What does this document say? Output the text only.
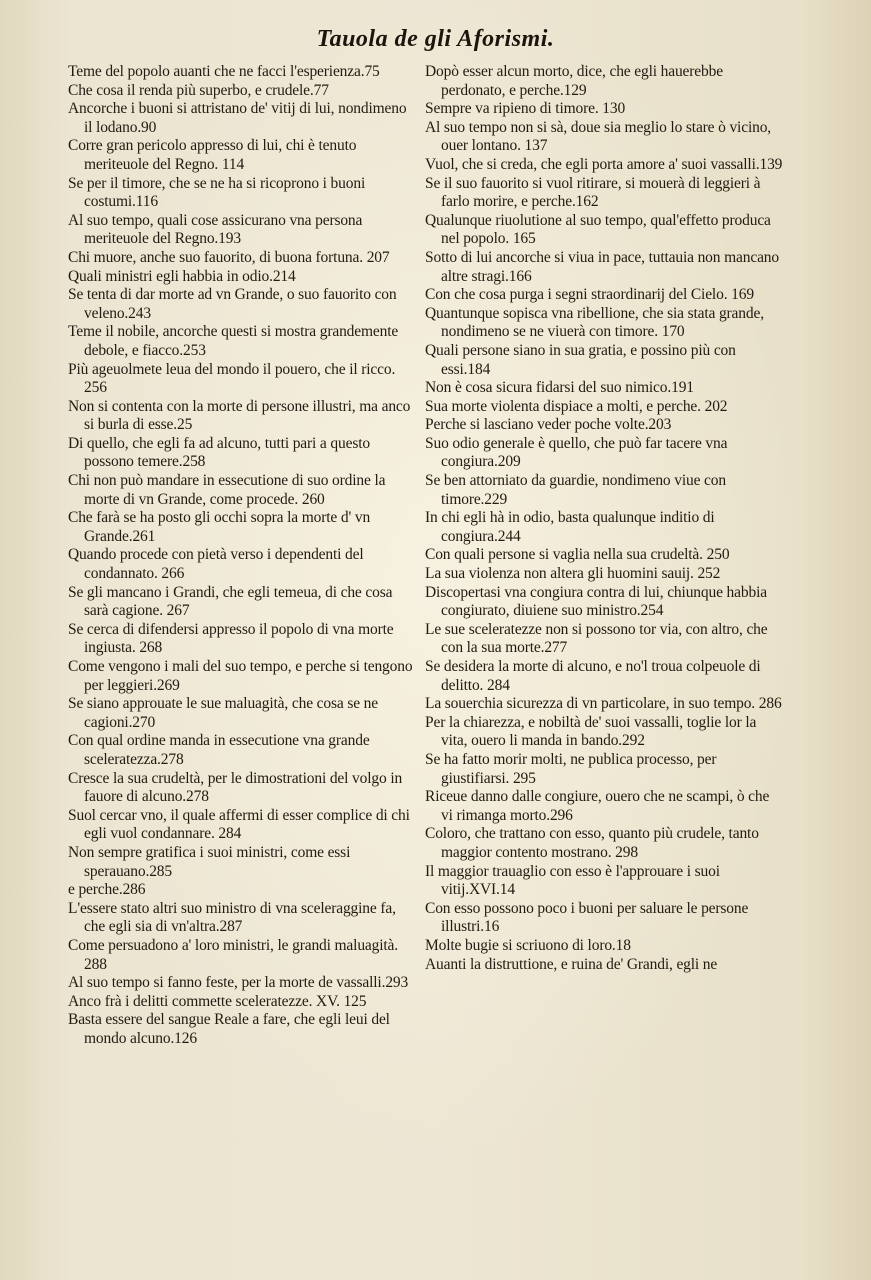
Tauola de gli Aforismi.

Teme del popolo auanti che ne facci l'esperienza.75

Che cosa il renda più superbo, e crudele.77

Ancorche i buoni si attristano de' vitij di lui, nondimeno il lodano.90

Corre gran pericolo appresso di lui, chi è tenuto meriteuole del Regno. 114

Se per il timore, che se ne ha si ricoprono i buoni costumi.116

Al suo tempo, quali cose assicurano vna persona meriteuole del Regno.193

Chi muore, anche suo fauorito, di buona fortuna. 207

Quali ministri egli habbia in odio.214

Se tenta di dar morte ad vn Grande, o suo fauorito con veleno.243

Teme il nobile, ancorche questi si mostra grandemente debole, e fiacco.253

Più ageuolmete leua del mondo il pouero, che il ricco. 256

Non si contenta con la morte di persone illustri, ma anco si burla di esse.25

Di quello, che egli fa ad alcuno, tutti pari a questo possono temere.258

Chi non può mandare in essecutione di suo ordine la morte di vn Grande, come procede. 260

Che farà se ha posto gli occhi sopra la morte d' vn Grande.261

Quando procede con pietà verso i dependenti del condannato. 266

Se gli mancano i Grandi, che egli temeua, di che cosa sarà cagione. 267

Se cerca di difendersi appresso il popolo di vna morte ingiusta. 268

Come vengono i mali del suo tempo, e perche si tengono per leggieri.269

Se siano approuate le sue maluagità, che cosa se ne cagioni.270

Con qual ordine manda in essecutione vna grande sceleratezza.278

Cresce la sua crudeltà, per le dimostrationi del volgo in fauore di alcuno.278

Suol cercar vno, il quale affermi di esser complice di chi egli vuol condannare. 284

Non sempre gratifica i suoi ministri, come essi sperauano.285

e perche.286

L'essere stato altri suo ministro di vna sceleraggine fa, che egli sia di vn'altra.287

Come persuadono a' loro ministri, le grandi maluagità. 288

Al suo tempo si fanno feste, per la morte de vassalli.293

Anco frà i delitti commette sceleratezze. XV. 125

Basta essere del sangue Reale a fare, che egli leui del mondo alcuno.126

Dopò esser alcun morto, dice, che egli hauerebbe perdonato, e perche.129

Sempre va ripieno di timore. 130

Al suo tempo non si sà, doue sia meglio lo stare ò vicino, ouer lontano. 137

Vuol, che si creda, che egli porta amore a' suoi vassalli.139

Se il suo fauorito si vuol ritirare, si mouerà di leggieri à farlo morire, e perche.162

Qualunque riuolutione al suo tempo, qual'effetto produca nel popolo. 165

Sotto di lui ancorche si viua in pace, tuttauia non mancano altre stragi.166

Con che cosa purga i segni straordinarij del Cielo. 169

Quantunque sopisca vna ribellione, che sia stata grande, nondimeno se ne viuerà con timore. 170

Quali persone siano in sua gratia, e possino più con essi.184

Non è cosa sicura fidarsi del suo nimico.191

Sua morte violenta dispiace a molti, e perche. 202

Perche si lasciano veder poche volte.203

Suo odio generale è quello, che può far tacere vna congiura.209

Se ben attorniato da guardie, nondimeno viue con timore.229

In chi egli hà in odio, basta qualunque inditio di congiura.244

Con quali persone si vaglia nella sua crudeltà. 250

La sua violenza non altera gli huomini sauij. 252

Discopertasi vna congiura contra di lui, chiunque habbia congiurato, diuiene suo ministro.254

Le sue sceleratezze non si possono tor via, con altro, che con la sua morte.277

Se desidera la morte di alcuno, e no'l troua colpeuole di delitto. 284

La souerchia sicurezza di vn particolare, in suo tempo. 286

Per la chiarezza, e nobiltà de' suoi vassalli, toglie lor la vita, ouero li manda in bando.292

Se ha fatto morir molti, ne publica processo, per giustifiarsi. 295

Riceue danno dalle congiure, ouero che ne scampi, ò che vi rimanga morto.296

Coloro, che trattano con esso, quanto più crudele, tanto maggior contento mostrano. 298

Il maggior trauaglio con esso è l'approuare i suoi vitij.XVI.14

Con esso possono poco i buoni per saluare le persone illustri.16

Molte bugie si scriuono di loro.18

Auanti la distruttione, e ruina de' Grandi, egli ne
